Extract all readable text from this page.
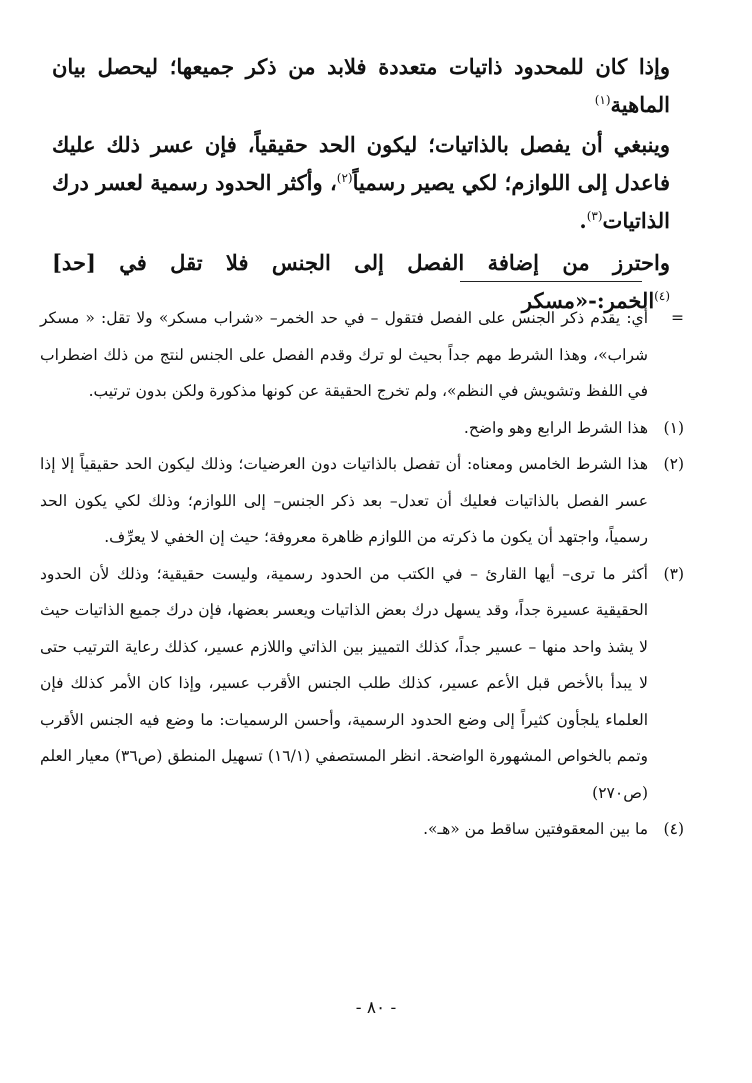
وإذا كان للمحدود ذاتيات متعددة فلابد من ذكر جميعها؛ ليحصل بيان الماهية$^{(١)}$

وينبغي أن يفصل بالذاتيات؛ ليكون الحد حقيقياً، فإن عسر ذلك عليك فاعدل إلى اللوازم؛ لكي يصير رسمياً$^{(٢)}$، وأكثر الحدود رسمية لعسر درك الذاتيات$^{(٣)}$.

واحترز من إضافة الفصل إلى الجنس فلا تقل في [حد]$^{(٤)}$الخمر:-«مسكر

=
أي: يقدم ذكر الجنس على الفصل فتقول – في حد الخمر– «شراب مسكر» ولا تقل: « مسكر شراب»، وهذا الشرط مهم جداً بحيث لو ترك وقدم الفصل على الجنس لنتج من ذلك اضطراب في اللفظ وتشويش في النظم»، ولم تخرج الحقيقة عن كونها مذكورة ولكن بدون ترتيب.
(١)
هذا الشرط الرابع وهو واضح.
(٢)
هذا الشرط الخامس ومعناه: أن تفصل بالذاتيات دون العرضيات؛ وذلك ليكون الحد حقيقياً إلا إذا عسر الفصل بالذاتيات فعليك أن تعدل– بعد ذكر الجنس– إلى اللوازم؛ وذلك لكي يكون الحد رسمياً، واجتهد أن يكون ما ذكرته من اللوازم ظاهرة معروفة؛ حيث إن الخفي لا يعرِّف.
(٣)
أكثر ما ترى– أيها القارئ – في الكتب من الحدود رسمية، وليست حقيقية؛ وذلك لأن الحدود الحقيقية عسيرة جداً، وقد يسهل درك بعض الذاتيات ويعسر بعضها، فإن درك جميع الذاتيات حيث لا يشذ واحد منها – عسير جداً، كذلك التمييز بين الذاتي واللازم عسير، كذلك رعاية الترتيب حتى لا يبدأ بالأخص قبل الأعم عسير، كذلك طلب الجنس الأقرب عسير، وإذا كان الأمر كذلك فإن العلماء يلجأون كثيراً إلى وضع الحدود الرسمية، وأحسن الرسميات: ما وضع فيه الجنس الأقرب وتمم بالخواص المشهورة الواضحة. انظر المستصفي (١٦/١) تسهيل المنطق (ص٣٦) معيار العلم (ص٢٧٠)
(٤)
ما بين المعقوفتين ساقط من «هـ».
- ٨٠ -
